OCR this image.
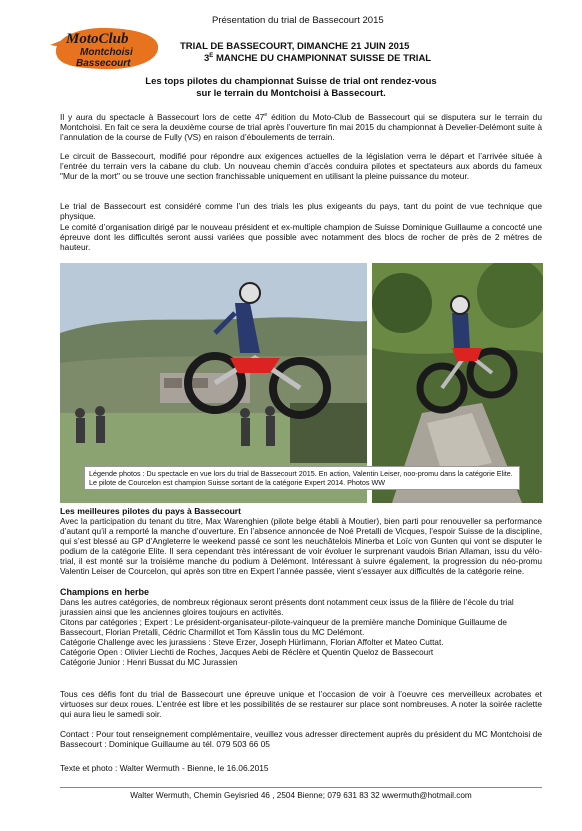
Présentation du trial de Bassecourt 2015
MotoClub
Montchoisi
Bassecourt
TRIAL DE BASSECOURT, DIMANCHE 21 JUIN 2015
$3^E$ MANCHE DU CHAMPIONNAT SUISSE DE TRIAL
Les tops pilotes du championnat Suisse de trial ont rendez-vous
sur le terrain du Montchoisi à Bassecourt.
Il y aura du spectacle à Bassecourt lors de cette 47e édition du Moto-Club de Bassecourt qui se disputera sur le terrain du Montchoisi. En fait ce sera la deuxième course de trial après l’ouverture fin mai 2015 du championnat à Develier-Delémont suite à l’annulation de la course de Fully (VS) en raison d’éboulements de terrain.
Le circuit de Bassecourt, modifié pour répondre aux exigences actuelles de la législation verra le départ et l’arrivée située à l’entrée du terrain vers la cabane du club. Un nouveau chemin d’accès conduira pilotes et spectateurs aux abords du fameux "Mur de la mort" ou se trouve une section franchissable uniquement en utilisant la pleine puissance du moteur.
Le trial de Bassecourt est considéré comme l’un des trials les plus exigeants du pays, tant du point de vue technique que physique.
Le comité d’organisation dirigé par le nouveau président et ex-multiple champion de Suisse Dominique Guillaume a concocté une épreuve dont les difficultés seront aussi variées que possible avec notamment des blocs de rocher de près de 2 mètres de hauteur.
Légende photos : Du spectacle en vue lors du trial de Bassecourt 2015. En action, Valentin Leiser, noo-promu dans la catégorie Elite. Le pilote de Courcelon est champion Suisse sortant de la catégorie Expert 2014. Photos WW
Les meilleures pilotes du pays à Bassecourt
Avec la participation du tenant du titre, Max Warenghien (pilote belge établi à Moutier), bien parti pour renouveller sa performance d’autant qu’il a remporté la manche d’ouverture. En l’absence annoncée de Noé Pretalli de Vicques, l’espoir Suisse de la discipline, qui s’est blessé au GP d’Angleterre le weekend passé ce sont les neuchâtelois Minerba et Loïc von Gunten qui vont se disputer le podium de la catégorie Elite. Il sera cependant très intéressant de voir évoluer le surprenant vaudois Brian Allaman, issu du vélo-trial, il est monté sur la troisième manche du podium à Delémont. Intéressant à suivre également, la progression du néo-promu Valentin Leiser de Courcelon, qui après son titre en Expert l’année passée, vient s’essayer aux difficultés de la catégorie reine.
Champions en herbe
Dans les autres catégories, de nombreux régionaux seront présents dont notamment ceux issus de la filière de l’école du trial jurassien ainsi que les anciennes gloires toujours en activités.
Citons par catégories ; Expert : Le président-organisateur-pilote-vainqueur de la première manche Dominique Guillaume de Bassecourt, Florian Pretalli, Cédric Charmillot et Tom Kässlin tous du MC Delémont.
Catégorie Challenge avec les jurassiens : Steve Erzer, Joseph Hürlimann, Florian Affolter et Mateo Cuttat.
Catégorie Open : Olivier Liechti de Roches, Jacques Aebi de Réclère et Quentin Queloz de Bassecourt
Catégorie Junior : Henri Bussat du MC Jurassien
Tous ces défis font du trial de Bassecourt une épreuve unique et l’occasion de voir à l’oeuvre ces merveilleux acrobates et virtuoses sur deux roues. L’entrée est libre et les possibilités de se restaurer sur place sont nombreuses. A noter la soirée raclette qui aura lieu le samedi soir.
Contact : Pour tout renseignement complémentaire, veuillez vous adresser directement auprès du président du MC Montchoisi de Bassecourt : Dominique Guillaume au tél. 079 503 66 05
Texte et photo : Walter Wermuth - Bienne, le 16.06.2015
Walter Wermuth, Chemin Geyisried 46 , 2504 Bienne; 079 631 83 32 wwermuth@hotmail.com
